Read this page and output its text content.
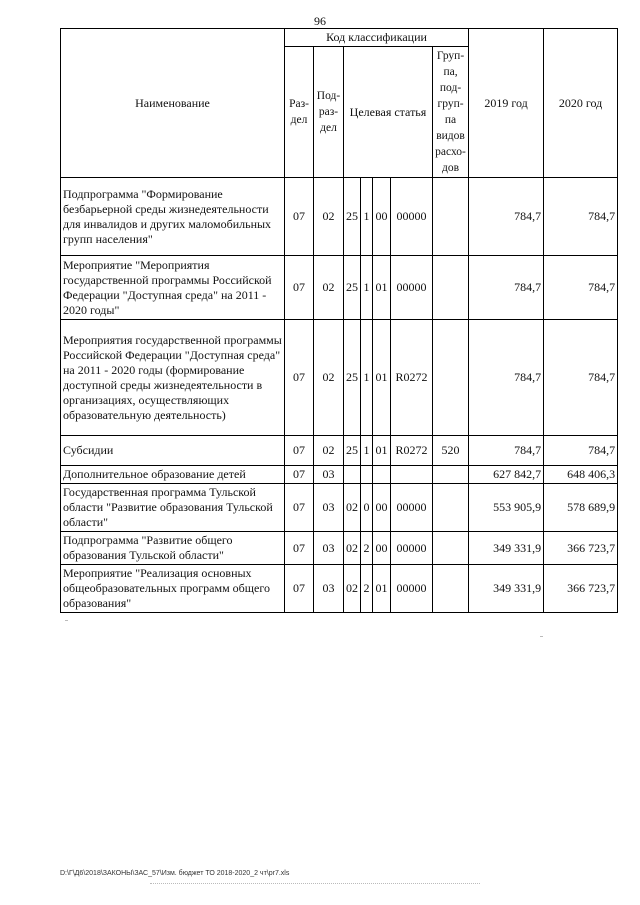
96
Наименование	Код классификации							2019 год	2020 год
	Раз-дел	Под-раз-дел	Целевая статья				Груп-па, под-груп-па видов расхо-дов		
Подпрограмма "Формирование безбарьерной среды жизнедеятельности для инвалидов и других маломобильных групп населения"	07	02	25	1	00	00000		784,7	784,7
Мероприятие "Мероприятия государственной программы Российской Федерации "Доступная среда" на 2011 - 2020 годы"	07	02	25	1	01	00000		784,7	784,7
Мероприятия государственной программы Российской Федерации "Доступная среда" на 2011 - 2020 годы (формирование доступной среды жизнедеятельности в организациях, осуществляющих образовательную деятельность)	07	02	25	1	01	R0272		784,7	784,7
Субсидии	07	02	25	1	01	R0272	520	784,7	784,7
Дополнительное образование детей	07	03						627 842,7	648 406,3
Государственная программа Тульской области "Развитие образования Тульской области"	07	03	02	0	00	00000		553 905,9	578 689,9
Подпрограмма "Развитие общего образования Тульской области"	07	03	02	2	00	00000		349 331,9	366 723,7
Мероприятие "Реализация основных общеобразовательных программ общего образования"	07	03	02	2	01	00000		349 331,9	366 723,7
D:\Г\Д6\2018\ЗАКОНЫ\ЗАС_57\Изм. бюджет ТО 2018-2020_2 чт\pr7.xls
